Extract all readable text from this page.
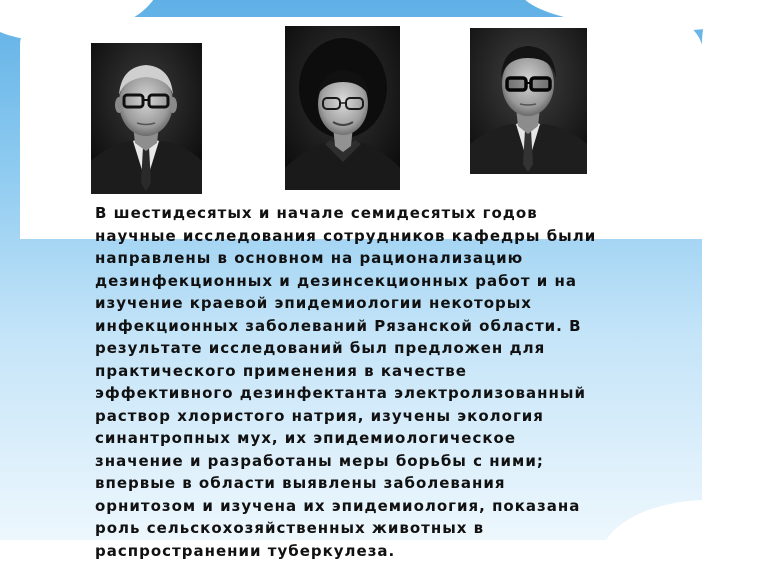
В шестидесятых и начале семидесятых годов
научные исследования сотрудников кафедры были
направлены в основном на рационализацию
дезинфекционных и дезинсекционных работ и на
изучение краевой эпидемиологии некоторых
инфекционных заболеваний Рязанской области. В
результате исследований был предложен для
практического применения в качестве
эффективного дезинфектанта электролизованный
раствор хлористого натрия, изучены экология
синантропных мух, их эпидемиологическое
значение и разработаны меры борьбы с ними;
впервые в области выявлены заболевания
орнитозом и изучена их эпидемиология, показана
роль сельскохозяйственных животных в
распространении туберкулеза.
